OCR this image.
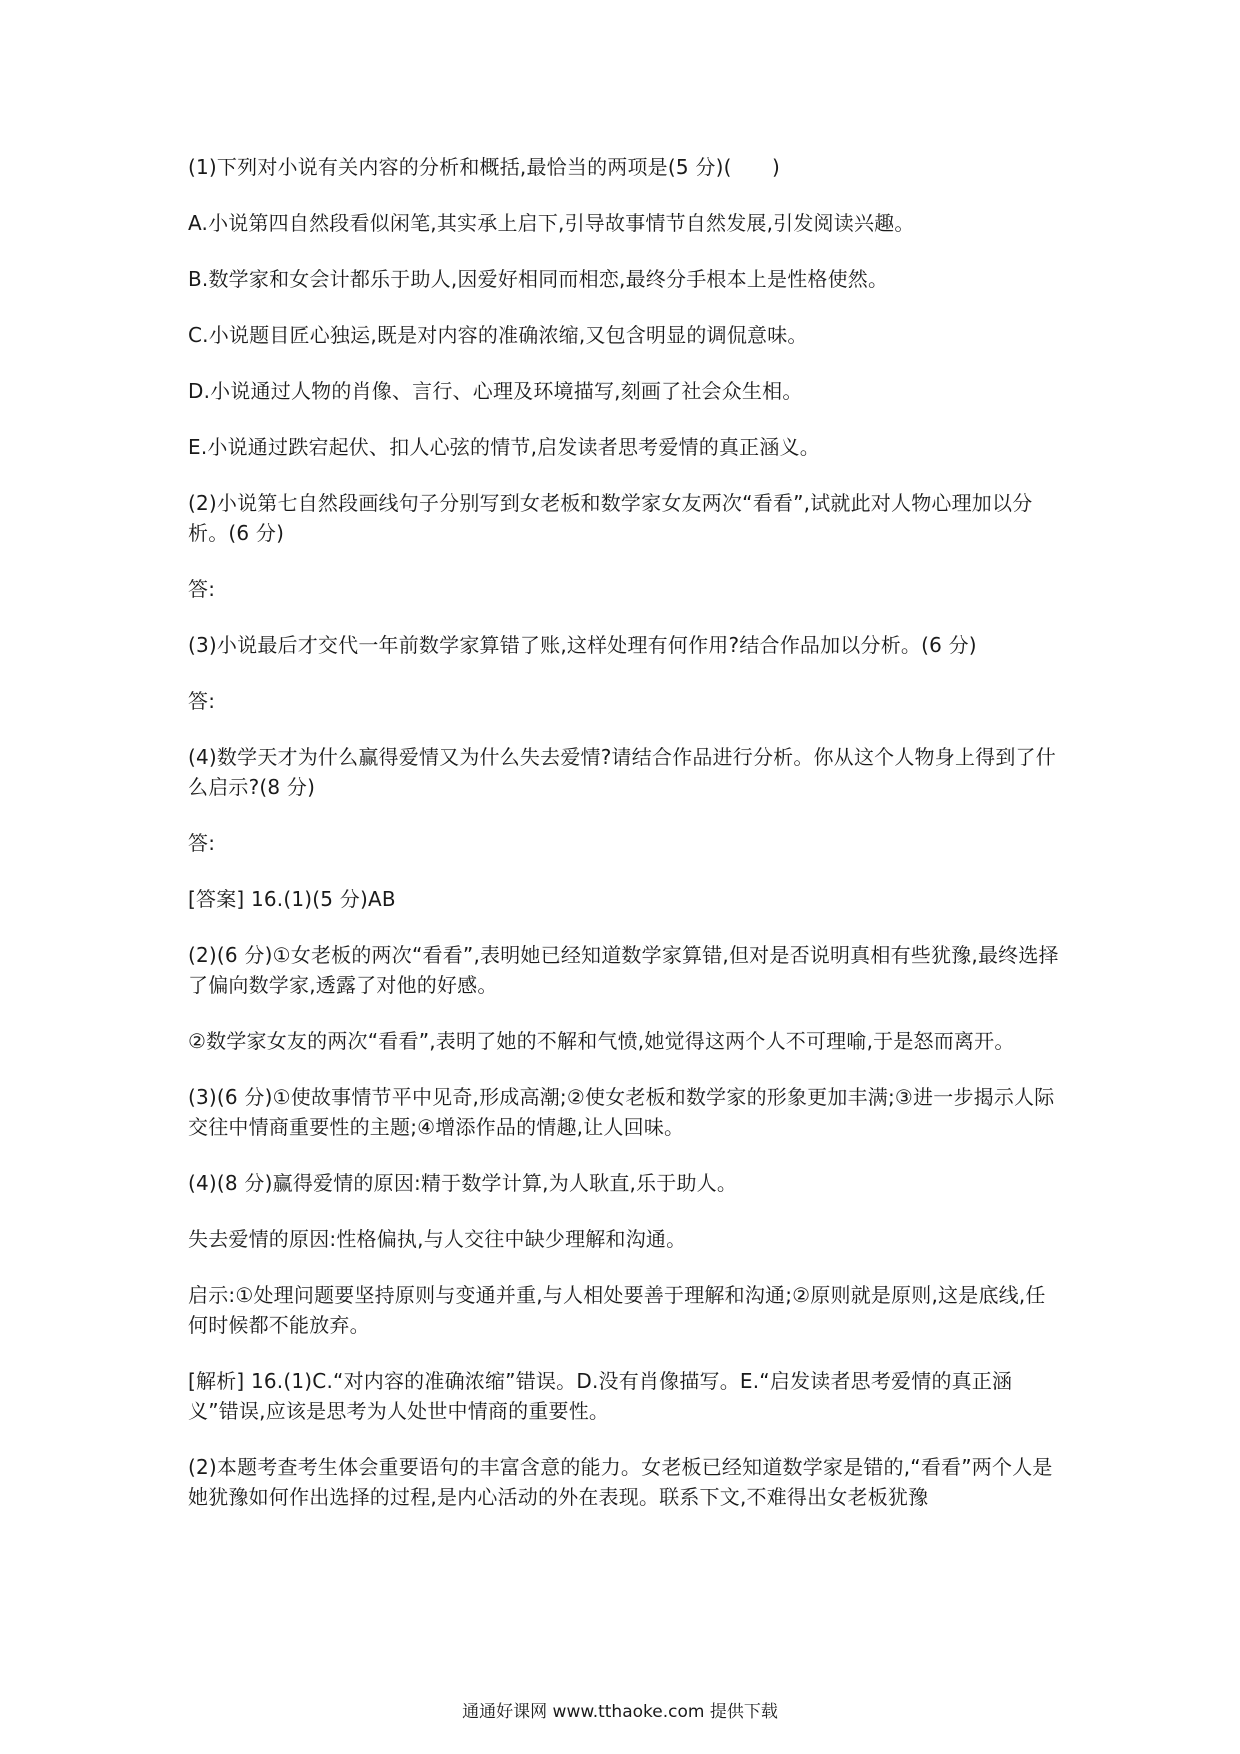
(1)下列对小说有关内容的分析和概括,最恰当的两项是(5 分)(　　)

A.小说第四自然段看似闲笔,其实承上启下,引导故事情节自然发展,引发阅读兴趣。

B.数学家和女会计都乐于助人,因爱好相同而相恋,最终分手根本上是性格使然。

C.小说题目匠心独运,既是对内容的准确浓缩,又包含明显的调侃意味。

D.小说通过人物的肖像、言行、心理及环境描写,刻画了社会众生相。

E.小说通过跌宕起伏、扣人心弦的情节,启发读者思考爱情的真正涵义。

(2)小说第七自然段画线句子分别写到女老板和数学家女友两次“看看”,试就此对人物心理加以分析。(6 分)

答:

(3)小说最后才交代一年前数学家算错了账,这样处理有何作用?结合作品加以分析。(6 分)

答:

(4)数学天才为什么赢得爱情又为什么失去爱情?请结合作品进行分析。你从这个人物身上得到了什么启示?(8 分)

答:

[答案] 16.(1)(5 分)AB

(2)(6 分)①女老板的两次“看看”,表明她已经知道数学家算错,但对是否说明真相有些犹豫,最终选择了偏向数学家,透露了对他的好感。

②数学家女友的两次“看看”,表明了她的不解和气愤,她觉得这两个人不可理喻,于是怒而离开。

(3)(6 分)①使故事情节平中见奇,形成高潮;②使女老板和数学家的形象更加丰满;③进一步揭示人际交往中情商重要性的主题;④增添作品的情趣,让人回味。

(4)(8 分)赢得爱情的原因:精于数学计算,为人耿直,乐于助人。

失去爱情的原因:性格偏执,与人交往中缺少理解和沟通。

启示:①处理问题要坚持原则与变通并重,与人相处要善于理解和沟通;②原则就是原则,这是底线,任何时候都不能放弃。

[解析] 16.(1)C.“对内容的准确浓缩”错误。D.没有肖像描写。E.“启发读者思考爱情的真正涵义”错误,应该是思考为人处世中情商的重要性。

(2)本题考查考生体会重要语句的丰富含意的能力。女老板已经知道数学家是错的,“看看”两个人是她犹豫如何作出选择的过程,是内心活动的外在表现。联系下文,不难得出女老板犹豫

通通好课网 www.tthaoke.com 提供下载
